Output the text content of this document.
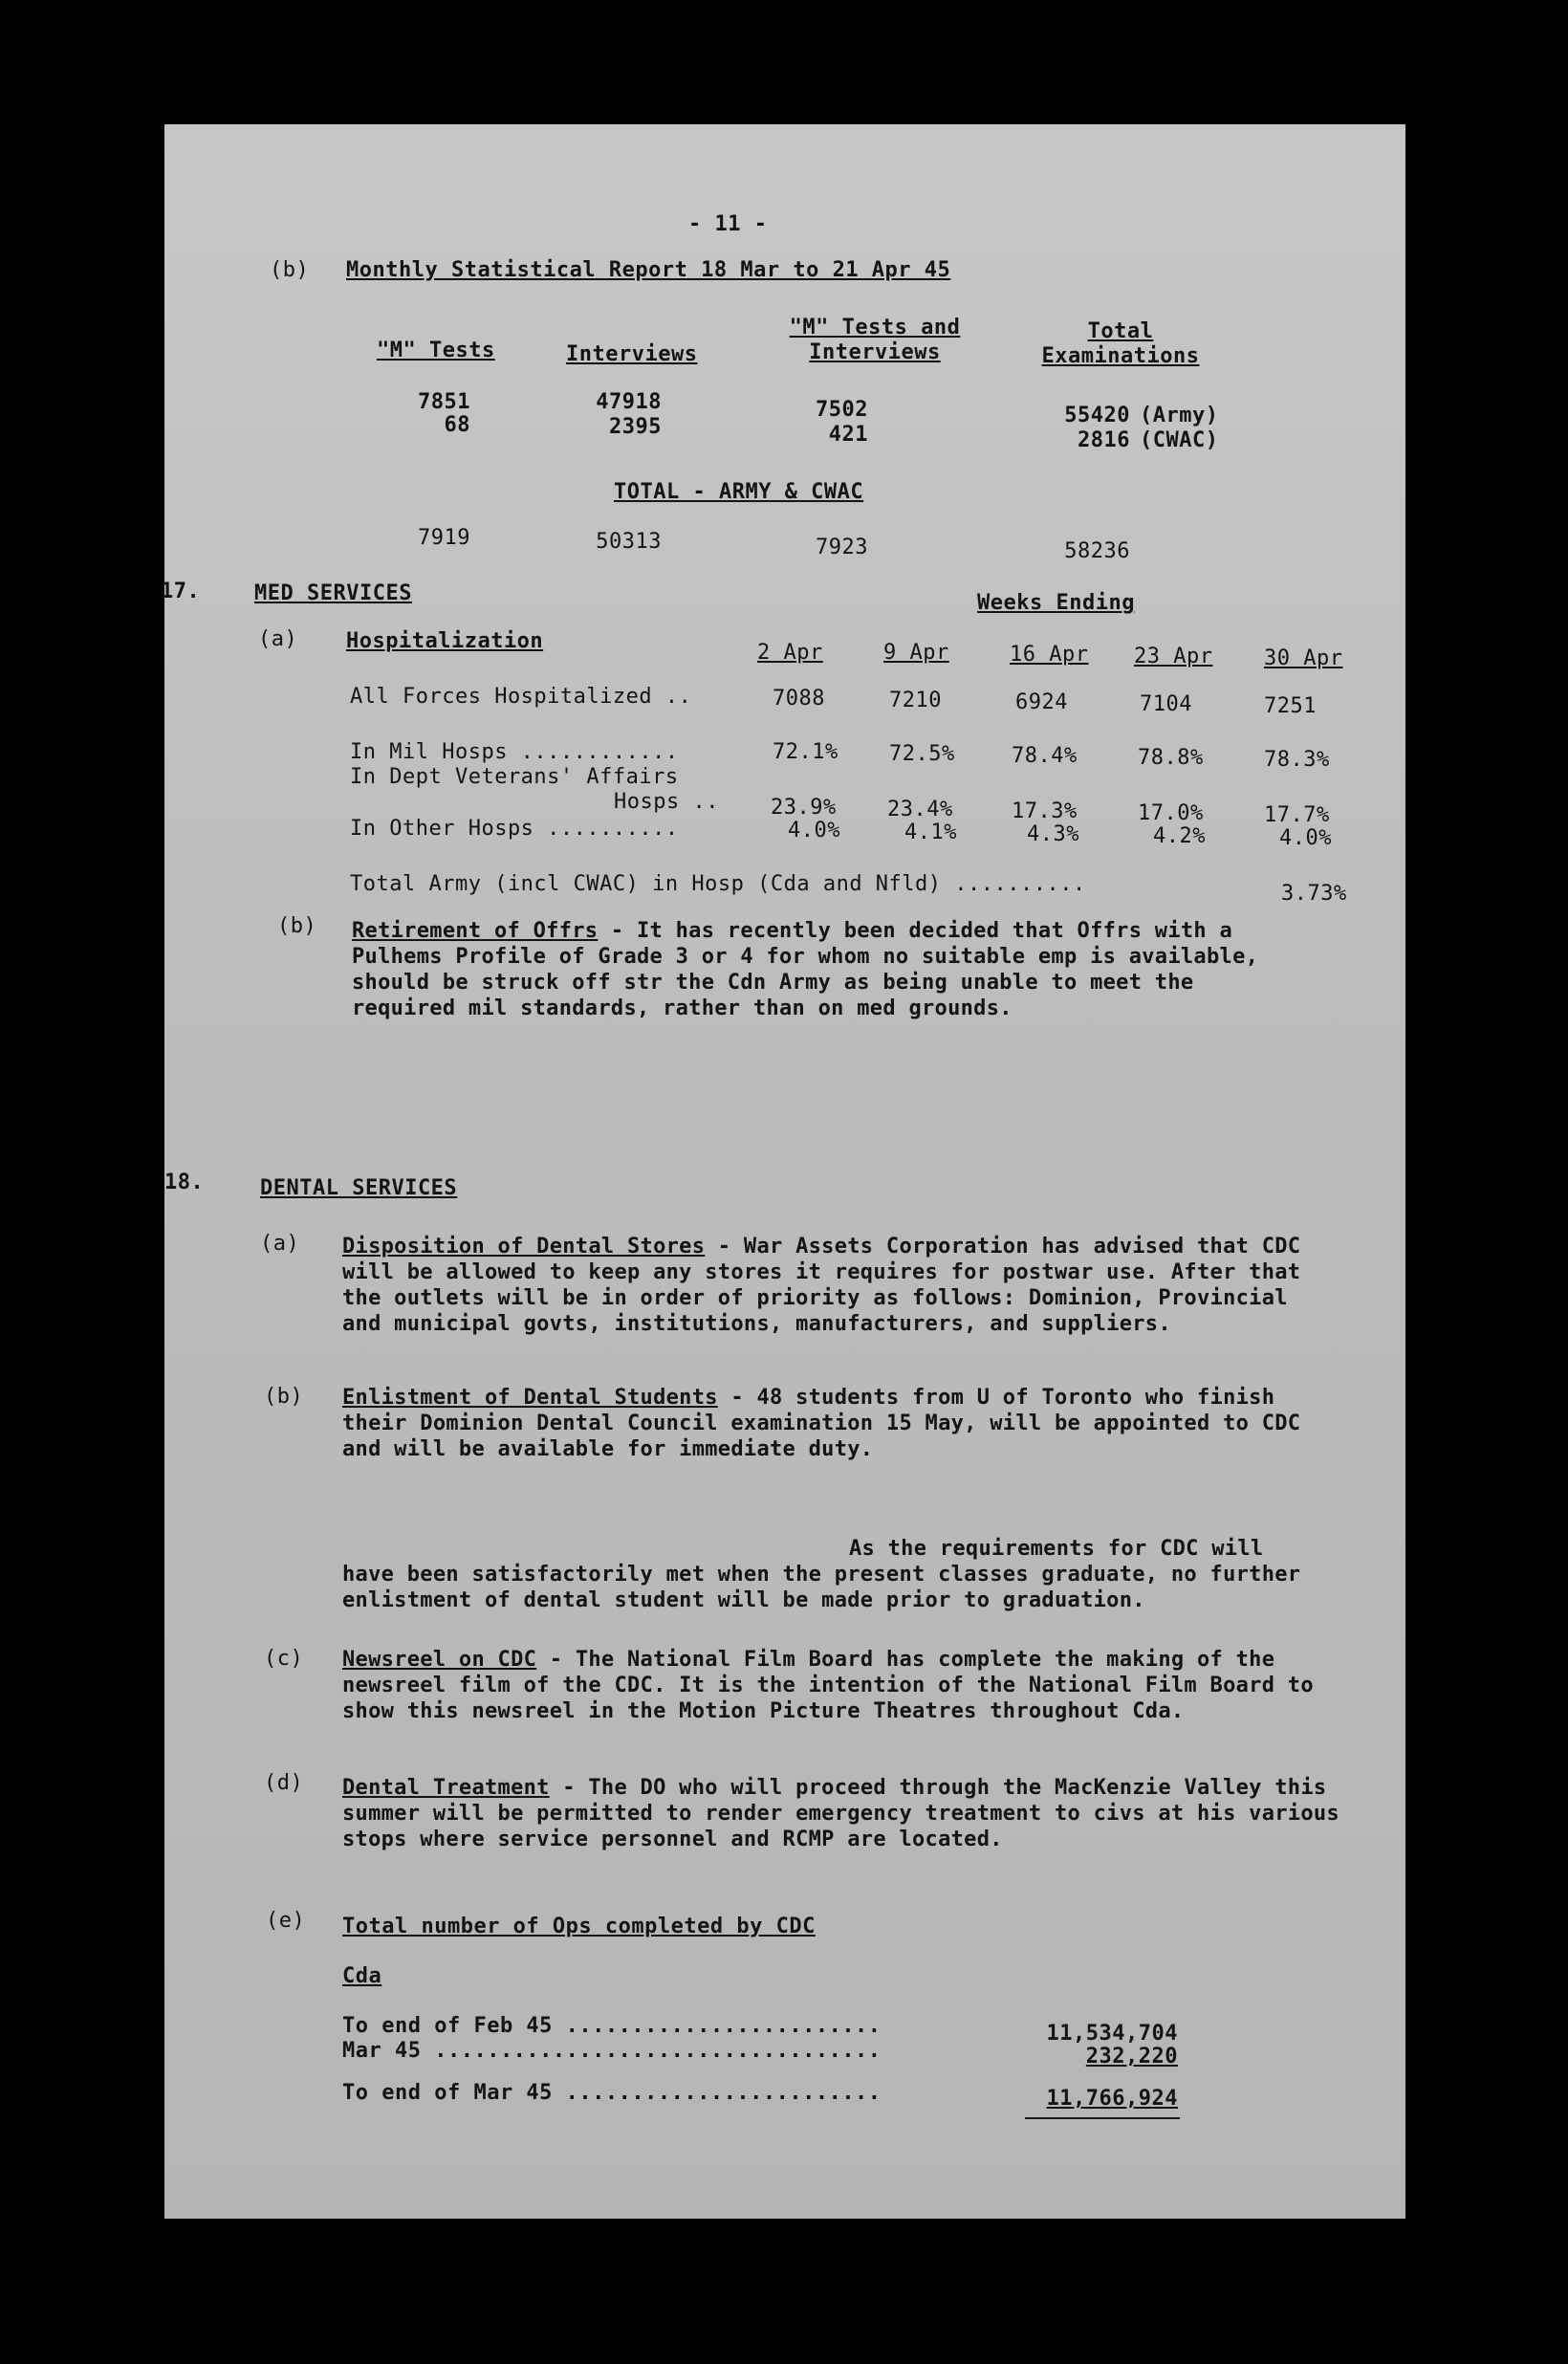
- 11 -
(b) Monthly Statistical Report 18 Mar to 21 Apr 45
"M" Tests	Interviews
"M" Tests and Interviews
Total Examinations
7851	47918	7502	55420 (Army)
68	2395	421	2816 (CWAC)
TOTAL - ARMY & CWAC
7919	50313	7923	58236
17.	MED SERVICES	Weeks Ending
(a) Hospitalization	2 Apr	9 Apr	16 Apr 23 Apr 30 Apr
All Forces Hospitalized ..	7088	7210	6924	7104	7251
In Mil Hosps ............	72.1% 72.5%	78.4%	78.8%	78.3%
In Dept Veterans' Affairs
Hosps .. 23.9% 23.4%	17.3%	17.0%	17.7%
In Other Hosps ..........	4.0%	4.1%	4.3%	4.2%	4.0%
Total Army (incl CWAC) in Hosp (Cda and Nfld) ..........	3.73%
(b) Retirement of Offrs - It has recently been decided that Offrs with a Pulhems Profile of Grade 3 or 4 for whom no suitable emp is available, should be struck off str the Cdn Army as being unable to meet the required mil standards, rather than on med grounds.
18.	DENTAL SERVICES
(a) Disposition of Dental Stores - War Assets Corporation has advised that CDC will be allowed to keep any stores it requires for postwar use. After that the outlets will be in order of priority as follows: Dominion, Provincial and municipal govts, institutions, manufacturers, and suppliers.
(b) Enlistment of Dental Students - 48 students from U of Toronto who finish their Dominion Dental Council examination 15 May, will be appointed to CDC and will be available for immediate duty.
As the requirements for CDC will have been satisfactorily met when the present classes graduate, no further enlistment of dental student will be made prior to graduation.
(c) Newsreel on CDC - The National Film Board has complete the making of the newsreel film of the CDC. It is the intention of the National Film Board to show this newsreel in the Motion Picture Theatres throughout Cda.
(d) Dental Treatment - The DO who will proceed through the MacKenzie Valley this summer will be permitted to render emergency treatment to civs at his various stops where service personnel and RCMP are located.
(e) Total number of Ops completed by CDC
Cda
To end of Feb 45 ........................	11,534,704
Mar 45 ..................................	232,220
To end of Mar 45 ........................	11,766,924
